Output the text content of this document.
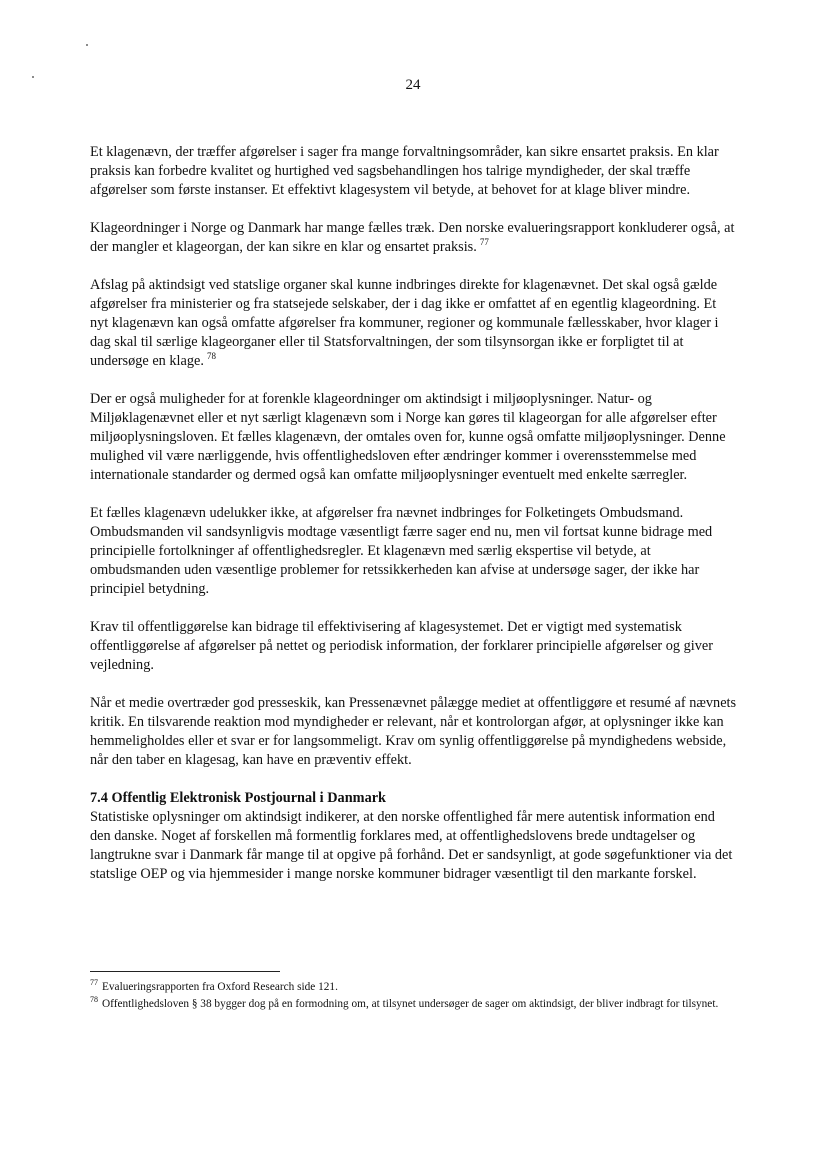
24

Et klagenævn, der træffer afgørelser i sager fra mange forvaltningsområder, kan sikre ensartet praksis. En klar praksis kan forbedre kvalitet og hurtighed ved sagsbehandlingen hos talrige myndigheder, der skal træffe afgørelser som første instanser. Et effektivt klagesystem vil betyde, at behovet for at klage bliver mindre.

Klageordninger i Norge og Danmark har mange fælles træk. Den norske evalueringsrapport konkluderer også, at der mangler et klageorgan, der kan sikre en klar og ensartet praksis. $^{77}$

Afslag på aktindsigt ved statslige organer skal kunne indbringes direkte for klagenævnet. Det skal også gælde afgørelser fra ministerier og fra statsejede selskaber, der i dag ikke er omfattet af en egentlig klageordning. Et nyt klagenævn kan også omfatte afgørelser fra kommuner, regioner og kommunale fællesskaber, hvor klager i dag skal til særlige klageorganer eller til Statsforvaltningen, der som tilsynsorgan ikke er forpligtet til at undersøge en klage. $^{78}$

Der er også muligheder for at forenkle klageordninger om aktindsigt i miljøoplysninger. Natur- og Miljøklagenævnet eller et nyt særligt klagenævn som i Norge kan gøres til klageorgan for alle afgørelser efter miljøoplysningsloven. Et fælles klagenævn, der omtales oven for, kunne også omfatte miljøoplysninger. Denne mulighed vil være nærliggende, hvis offentlighedsloven efter ændringer kommer i overensstemmelse med internationale standarder og dermed også kan omfatte miljøoplysninger eventuelt med enkelte særregler.

Et fælles klagenævn udelukker ikke, at afgørelser fra nævnet indbringes for Folketingets Ombudsmand. Ombudsmanden vil sandsynligvis modtage væsentligt færre sager end nu, men vil fortsat kunne bidrage med principielle fortolkninger af offentlighedsregler. Et klagenævn med særlig ekspertise vil betyde, at ombudsmanden uden væsentlige problemer for retssikkerheden kan afvise at undersøge sager, der ikke har principiel betydning.

Krav til offentliggørelse kan bidrage til effektivisering af klagesystemet. Det er vigtigt med systematisk offentliggørelse af afgørelser på nettet og periodisk information, der forklarer principielle afgørelser og giver vejledning.

Når et medie overtræder god presseskik, kan Pressenævnet pålægge mediet at offentliggøre et resumé af nævnets kritik. En tilsvarende reaktion mod myndigheder er relevant, når et kontrolorgan afgør, at oplysninger ikke kan hemmeligholdes eller et svar er for langsommeligt. Krav om synlig offentliggørelse på myndighedens webside, når den taber en klagesag, kan have en præventiv effekt.

7.4 Offentlig Elektronisk Postjournal i Danmark

Statistiske oplysninger om aktindsigt indikerer, at den norske offentlighed får mere autentisk information end den danske. Noget af forskellen må formentlig forklares med, at offentlighedslovens brede undtagelser og langtrukne svar i Danmark får mange til at opgive på forhånd. Det er sandsynligt, at gode søgefunktioner via det statslige OEP og via hjemmesider i mange norske kommuner bidrager væsentligt til den markante forskel.

$^{77}$ Evalueringsrapporten fra Oxford Research side 121.

$^{78}$ Offentlighedsloven § 38 bygger dog på en formodning om, at tilsynet undersøger de sager om aktindsigt, der bliver indbragt for tilsynet.
